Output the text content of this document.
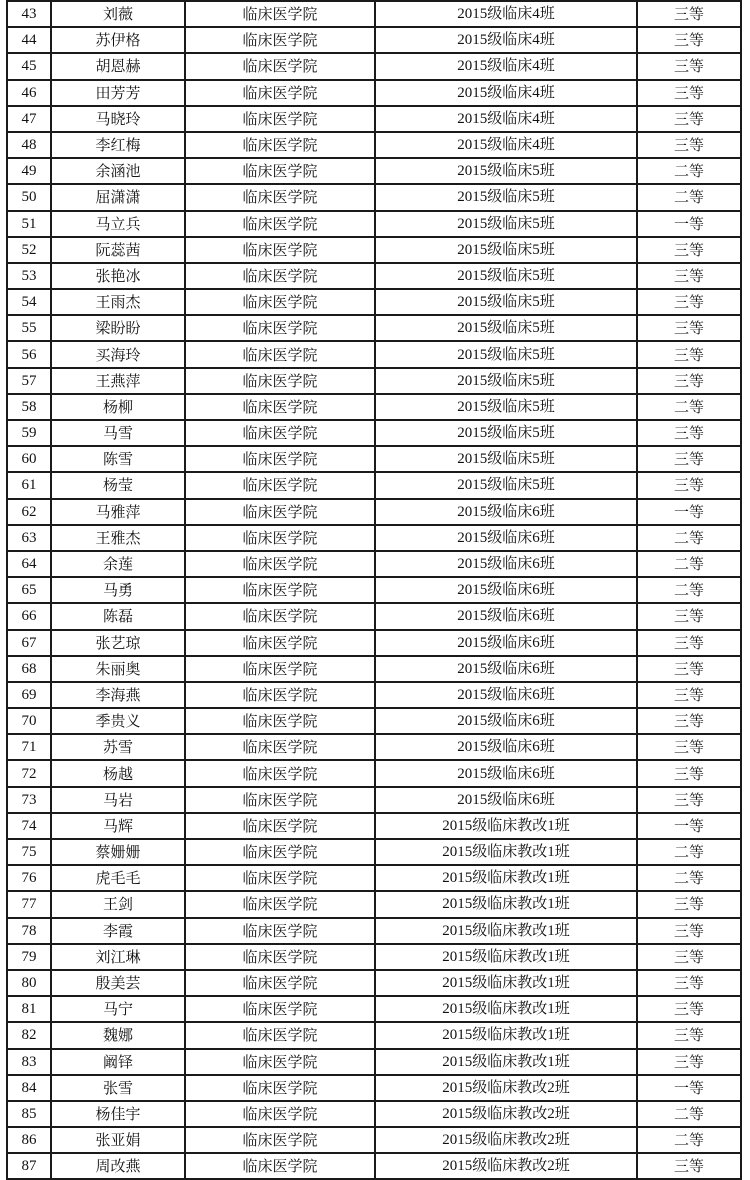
43	刘薇	临床医学院	2015级临床4班	三等
44	苏伊格	临床医学院	2015级临床4班	三等
45	胡恩赫	临床医学院	2015级临床4班	三等
46	田芳芳	临床医学院	2015级临床4班	三等
47	马晓玲	临床医学院	2015级临床4班	三等
48	李红梅	临床医学院	2015级临床4班	三等
49	余涵池	临床医学院	2015级临床5班	二等
50	屈潇潇	临床医学院	2015级临床5班	二等
51	马立兵	临床医学院	2015级临床5班	一等
52	阮蕊茜	临床医学院	2015级临床5班	三等
53	张艳冰	临床医学院	2015级临床5班	三等
54	王雨杰	临床医学院	2015级临床5班	三等
55	梁盼盼	临床医学院	2015级临床5班	三等
56	买海玲	临床医学院	2015级临床5班	三等
57	王燕萍	临床医学院	2015级临床5班	三等
58	杨柳	临床医学院	2015级临床5班	二等
59	马雪	临床医学院	2015级临床5班	三等
60	陈雪	临床医学院	2015级临床5班	三等
61	杨莹	临床医学院	2015级临床5班	三等
62	马雅萍	临床医学院	2015级临床6班	一等
63	王雅杰	临床医学院	2015级临床6班	二等
64	余莲	临床医学院	2015级临床6班	二等
65	马勇	临床医学院	2015级临床6班	二等
66	陈磊	临床医学院	2015级临床6班	三等
67	张艺琼	临床医学院	2015级临床6班	三等
68	朱丽奥	临床医学院	2015级临床6班	三等
69	李海燕	临床医学院	2015级临床6班	三等
70	季贵义	临床医学院	2015级临床6班	三等
71	苏雪	临床医学院	2015级临床6班	三等
72	杨越	临床医学院	2015级临床6班	三等
73	马岩	临床医学院	2015级临床6班	三等
74	马辉	临床医学院	2015级临床教改1班	一等
75	蔡姗姗	临床医学院	2015级临床教改1班	二等
76	虎毛毛	临床医学院	2015级临床教改1班	二等
77	王剑	临床医学院	2015级临床教改1班	三等
78	李霞	临床医学院	2015级临床教改1班	三等
79	刘江琳	临床医学院	2015级临床教改1班	三等
80	殷美芸	临床医学院	2015级临床教改1班	三等
81	马宁	临床医学院	2015级临床教改1班	三等
82	魏娜	临床医学院	2015级临床教改1班	三等
83	阚铎	临床医学院	2015级临床教改1班	三等
84	张雪	临床医学院	2015级临床教改2班	一等
85	杨佳宇	临床医学院	2015级临床教改2班	二等
86	张亚娟	临床医学院	2015级临床教改2班	二等
87	周改燕	临床医学院	2015级临床教改2班	三等
